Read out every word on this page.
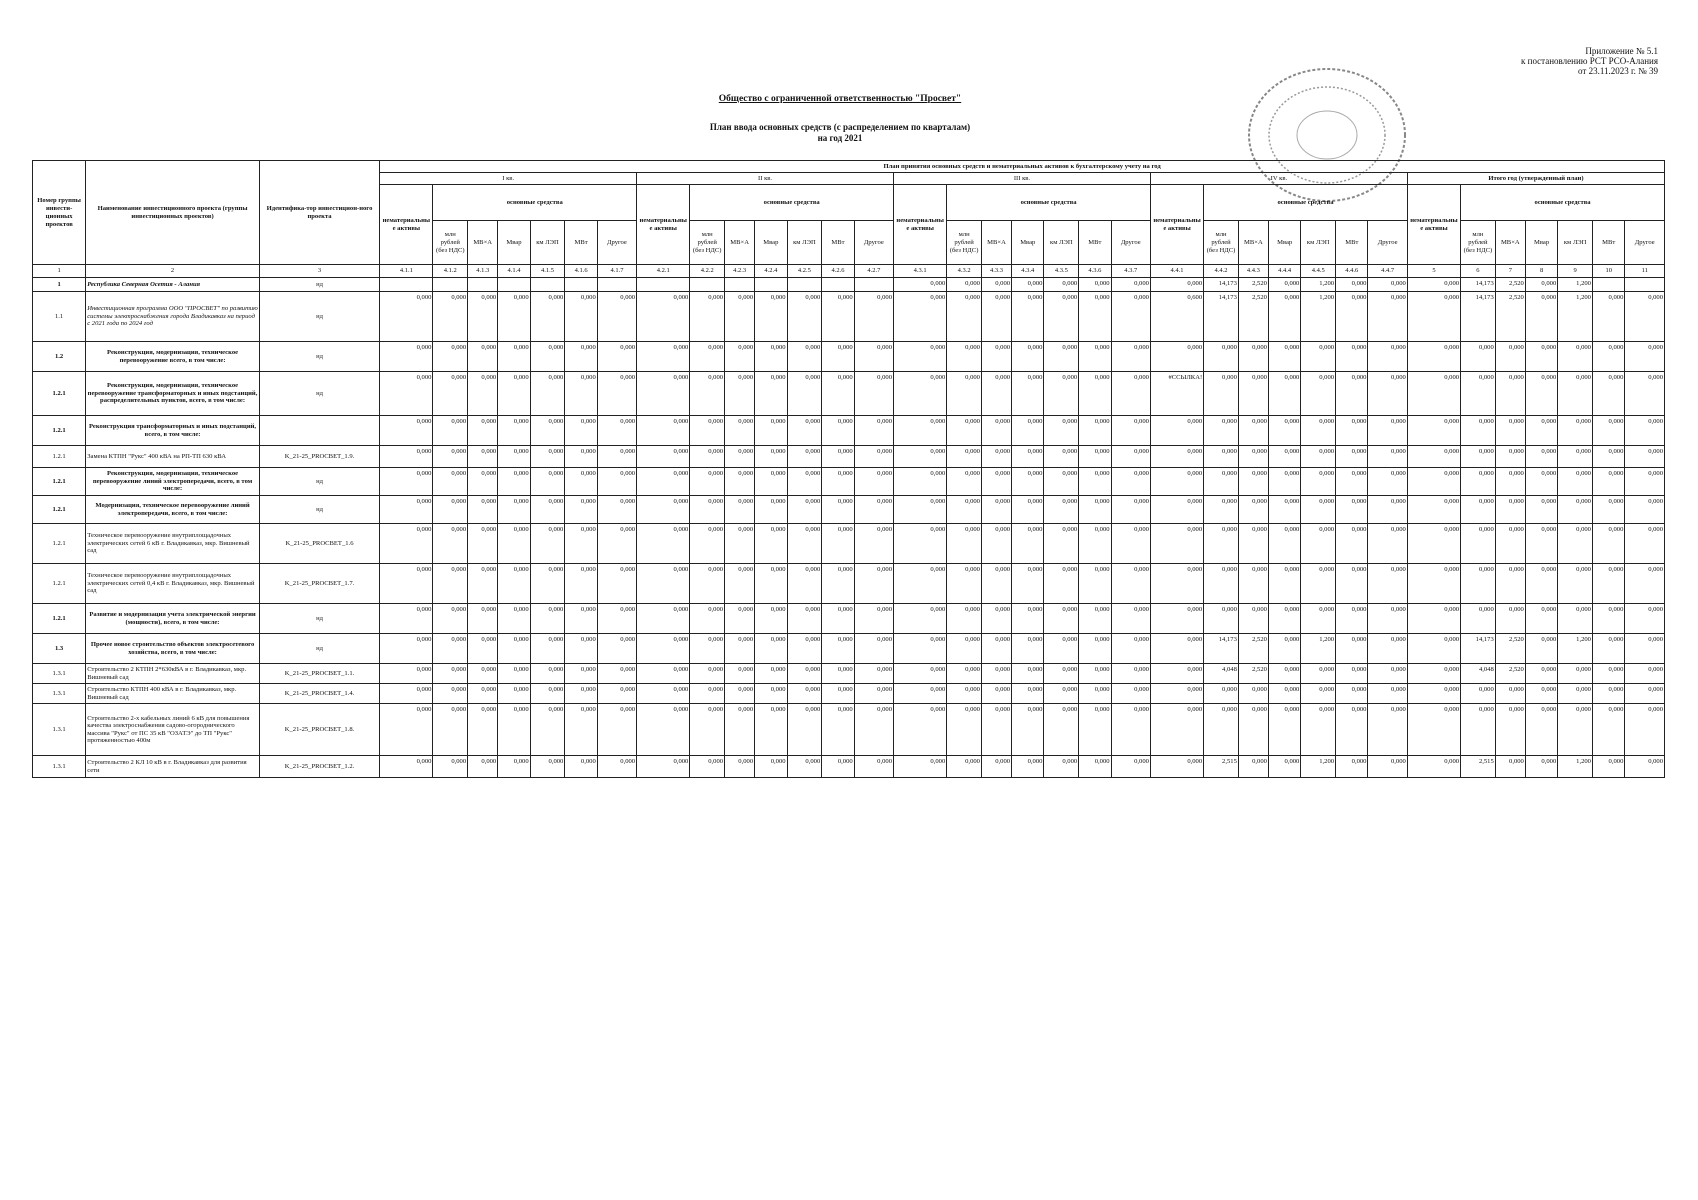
Приложение № 5.1
к постановлению РСТ РСО-Алания
от 23.11.2023 г. № 39
Общество с ограниченной ответственностью "Просвет"
План ввода основных средств (с распределением по кварталам)
на год 2021
Номер группы инвести-ционных проектов	Наименование инвестиционного проекта (группы инвестиционных проектов)	Идентифика-тор инвестицион-ного проекта	План принятия основных средств и нематериальных активов к бухгалтерскому учету на год																																		
			I кв.							II кв.							III кв.							IV кв.							Итого год (утвержденный план)						
			нематериальные активы	основные средства						нематериальные активы	основные средства						нематериальные активы	основные средства						нематериальные активы	основные средства						нематериальные активы	основные средства					
				млн рублей (без НДС)	МВ×А	Мвар	км ЛЭП	МВт	Другое		млн рублей (без НДС)	МВ×А	Мвар	км ЛЭП	МВт	Другое		млн рублей (без НДС)	МВ×А	Мвар	км ЛЭП	МВт	Другое		млн рублей (без НДС)	МВ×А	Мвар	км ЛЭП	МВт	Другое		млн рублей (без НДС)	МВ×А	Мвар	км ЛЭП	МВт	Другое
1	2	3	4.1.1	4.1.2	4.1.3	4.1.4	4.1.5	4.1.6	4.1.7	4.2.1	4.2.2	4.2.3	4.2.4	4.2.5	4.2.6	4.2.7	4.3.1	4.3.2	4.3.3	4.3.4	4.3.5	4.3.6	4.3.7	4.4.1	4.4.2	4.4.3	4.4.4	4.4.5	4.4.6	4.4.7	5	6	7	8	9	10	11
1	Республика Северная Осетия - Алания	нд															0,000	0,000	0,000	0,000	0,000	0,000	0,000	0,000	14,173	2,520	0,000	1,200	0,000	0,000	0,000	14,173	2,520	0,000	1,200		
1.1	Инвестиционная программа ООО "ПРОСВЕТ" по развитию системы электроснабжения города Владикавказ на период с 2021 года по 2024 год	нд	0,000	0,000	0,000	0,000	0,000	0,000	0,000	0,000	0,000	0,000	0,000	0,000	0,000	0,000	0,000	0,000	0,000	0,000	0,000	0,000	0,000	0,600	14,173	2,520	0,000	1,200	0,000	0,000	0,000	14,173	2,520	0,000	1,200	0,000	0,000
1.2	Реконструкция, модернизация, техническое перевооружение всего, в том числе:	нд	0,000	0,000	0,000	0,000	0,000	0,000	0,000	0,000	0,000	0,000	0,000	0,000	0,000	0,000	0,000	0,000	0,000	0,000	0,000	0,000	0,000	0,000	0,000	0,000	0,000	0,000	0,000	0,000	0,000	0,000	0,000	0,000	0,000	0,000	0,000
1.2.1	Реконструкция, модернизация, техническое перевооружение трансформаторных и иных подстанций, распределительных пунктов, всего, в том числе:	нд	0,000	0,000	0,000	0,000	0,000	0,000	0,000	0,000	0,000	0,000	0,000	0,000	0,000	0,000	0,000	0,000	0,000	0,000	0,000	0,000	0,000	#ССЫЛКА!	0,000	0,000	0,000	0,000	0,000	0,000	0,000	0,000	0,000	0,000	0,000	0,000	0,000
1.2.1	Реконструкция трансформаторных и иных подстанций, всего, в том числе:		0,000	0,000	0,000	0,000	0,000	0,000	0,000	0,000	0,000	0,000	0,000	0,000	0,000	0,000	0,000	0,000	0,000	0,000	0,000	0,000	0,000	0,000	0,000	0,000	0,000	0,000	0,000	0,000	0,000	0,000	0,000	0,000	0,000	0,000	0,000
1.2.1	Замена КТПН "Рукс" 400 кВА на РП-ТП 630 кВА	K_21-25_PROCBET_1.9.	0,000	0,000	0,000	0,000	0,000	0,000	0,000	0,000	0,000	0,000	0,000	0,000	0,000	0,000	0,000	0,000	0,000	0,000	0,000	0,000	0,000	0,000	0,000	0,000	0,000	0,000	0,000	0,000	0,000	0,000	0,000	0,000	0,000	0,000	0,000
1.2.1	Реконструкция, модернизация, техническое перевооружение линий электропередачи, всего, в том числе:	нд	0,000	0,000	0,000	0,000	0,000	0,000	0,000	0,000	0,000	0,000	0,000	0,000	0,000	0,000	0,000	0,000	0,000	0,000	0,000	0,000	0,000	0,000	0,000	0,000	0,000	0,000	0,000	0,000	0,000	0,000	0,000	0,000	0,000	0,000	0,000
1.2.1	Модернизация, техническое перевооружение линий электропередачи, всего, в том числе:	нд	0,000	0,000	0,000	0,000	0,000	0,000	0,000	0,000	0,000	0,000	0,000	0,000	0,000	0,000	0,000	0,000	0,000	0,000	0,000	0,000	0,000	0,000	0,000	0,000	0,000	0,000	0,000	0,000	0,000	0,000	0,000	0,000	0,000	0,000	0,000
1.2.1	Техническое перевооружение внутриплощадочных электрических сетей 6 кВ г. Владикавказ, мкр. Вишневый сад	K_21-25_PROCBET_1.6	0,000	0,000	0,000	0,000	0,000	0,000	0,000	0,000	0,000	0,000	0,000	0,000	0,000	0,000	0,000	0,000	0,000	0,000	0,000	0,000	0,000	0,000	0,000	0,000	0,000	0,000	0,000	0,000	0,000	0,000	0,000	0,000	0,000	0,000	0,000
1.2.1	Техническое перевооружение внутриплощадочных электрических сетей 0,4 кВ г. Владикавказ, мкр. Вишневый сад	K_21-25_PROCBET_1.7.	0,000	0,000	0,000	0,000	0,000	0,000	0,000	0,000	0,000	0,000	0,000	0,000	0,000	0,000	0,000	0,000	0,000	0,000	0,000	0,000	0,000	0,000	0,000	0,000	0,000	0,000	0,000	0,000	0,000	0,000	0,000	0,000	0,000	0,000	0,000
1.2.1	Развитие и модернизация учета электрической энергии (мощности), всего, в том числе:	нд	0,000	0,000	0,000	0,000	0,000	0,000	0,000	0,000	0,000	0,000	0,000	0,000	0,000	0,000	0,000	0,000	0,000	0,000	0,000	0,000	0,000	0,000	0,000	0,000	0,000	0,000	0,000	0,000	0,000	0,000	0,000	0,000	0,000	0,000	0,000
1.3	Прочее новое строительство объектов электросетевого хозяйства, всего, в том числе:	нд	0,000	0,000	0,000	0,000	0,000	0,000	0,000	0,000	0,000	0,000	0,000	0,000	0,000	0,000	0,000	0,000	0,000	0,000	0,000	0,000	0,000	0,000	14,173	2,520	0,000	1,200	0,000	0,000	0,000	14,173	2,520	0,000	1,200	0,000	0,000
1.3.1	Строительство 2 КТПН 2*630кВА в г. Владикавказ, мкр. Вишневый сад	K_21-25_PROCBET_1.1.	0,000	0,000	0,000	0,000	0,000	0,000	0,000	0,000	0,000	0,000	0,000	0,000	0,000	0,000	0,000	0,000	0,000	0,000	0,000	0,000	0,000	0,000	4,048	2,520	0,000	0,000	0,000	0,000	0,000	4,048	2,520	0,000	0,000	0,000	0,000
1.3.1	Строительство КТПН 400 кВА в г. Владикавказ, мкр. Вишневый сад	K_21-25_PROCBET_1.4.	0,000	0,000	0,000	0,000	0,000	0,000	0,000	0,000	0,000	0,000	0,000	0,000	0,000	0,000	0,000	0,000	0,000	0,000	0,000	0,000	0,000	0,000	0,000	0,000	0,000	0,000	0,000	0,000	0,000	0,000	0,000	0,000	0,000	0,000	0,000
1.3.1	Строительство 2-х кабельных линий 6 кВ для повышения качества электроснабжения садово-огороднического массива "Рукс" от ПС 35 кВ "ОЗАТЭ" до ТП "Рукс" протяженностью 400м	K_21-25_PROCBET_1.8.	0,000	0,000	0,000	0,000	0,000	0,000	0,000	0,000	0,000	0,000	0,000	0,000	0,000	0,000	0,000	0,000	0,000	0,000	0,000	0,000	0,000	0,000	0,000	0,000	0,000	0,000	0,000	0,000	0,000	0,000	0,000	0,000	0,000	0,000	0,000
1.3.1	Строительство 2 КЛ 10 кВ в г. Владикавказ для развития сети	K_21-25_PROCBET_1.2.	0,000	0,000	0,000	0,000	0,000	0,000	0,000	0,000	0,000	0,000	0,000	0,000	0,000	0,000	0,000	0,000	0,000	0,000	0,000	0,000	0,000	0,000	2,515	0,000	0,000	1,200	0,000	0,000	0,000	2,515	0,000	0,000	1,200	0,000	0,000
